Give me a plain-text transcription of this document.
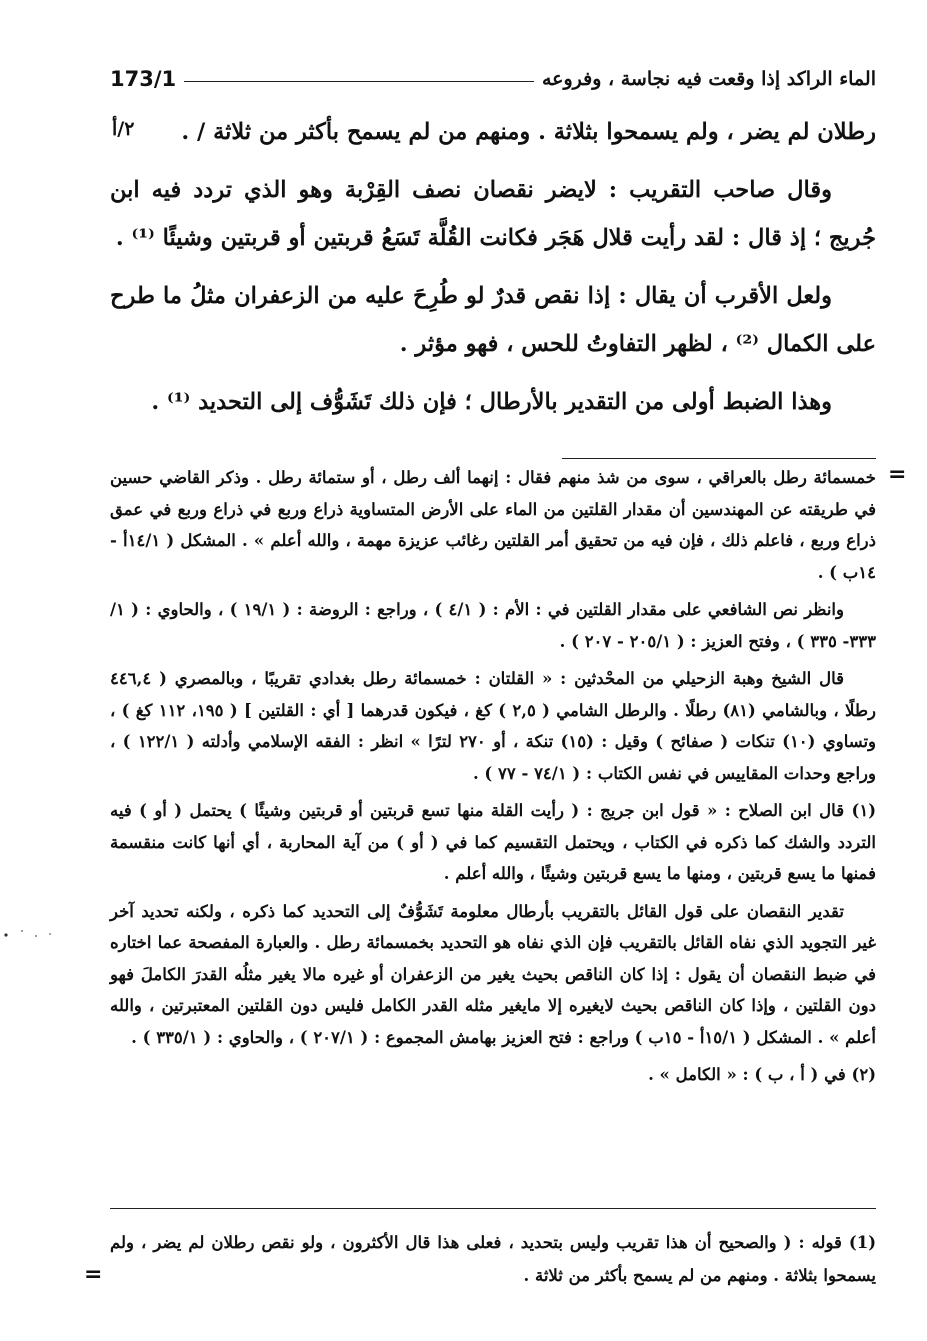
الماء الراكد إذا وقعت فيه نجاسة ، وفروعه
173/1
٢/أ	رطلان لم يضر ، ولم يسمحوا بثلاثة . ومنهم من لم يسمح بأكثر من ثلاثة / .

وقال صاحب التقريب : لايضر نقصان نصف القِرْبة وهو الذي تردد فيه ابن جُريج ؛ إذ قال : لقد رأيت قلال هَجَر فكانت القُلَّة تَسَعُ قربتين أو قربتين وشيئًا ⁽¹⁾ .

ولعل الأقرب أن يقال : إذا نقص قدرٌ لو طُرِحَ عليه من الزعفران مثلُ ما طرح على الكمال ⁽²⁾ ، لظهر التفاوتُ للحس ، فهو مؤثر .

وهذا الضبط أولى من التقدير بالأرطال ؛ فإن ذلك تَشَوُّف إلى التحديد ⁽¹⁾ .

=

خمسمائة رطل بالعراقي ، سوى من شذ منهم فقال : إنهما ألف رطل ، أو ستمائة رطل . وذكر القاضي حسين في طريقته عن المهندسين أن مقدار القلتين من الماء على الأرض المتساوية ذراع وربع في ذراع وربع في عمق ذراع وربع ، فاعلم ذلك ، فإن فيه من تحقيق أمر القلتين رغائب عزيزة مهمة ، والله أعلم » . المشكل ( ١٤/١أ - ١٤ب ) .

وانظر نص الشافعي على مقدار القلتين في : الأم : ( ٤/١ ) ، وراجع : الروضة : ( ١٩/١ ) ، والحاوي : ( ١/ ٣٣٣- ٣٣٥ ) ، وفتح العزيز : ( ٢٠٥/١ - ٢٠٧ ) .

قال الشيخ وهبة الزحيلي من المحْدثين : « القلتان : خمسمائة رطل بغدادي تقريبًا ، وبالمصري ( ٤٤٦,٤ رطلًا ، وبالشامي (٨١) رطلًا . والرطل الشامي ( ٢,٥ ) كغ ، فيكون قدرهما [ أي : القلتين ] ( ١٩٥، ١١٢ كغ ) ، وتساوي (١٠) تنكات ( صفائح ) وقيل : (١٥) تنكة ، أو ٢٧٠ لترًا » انظر : الفقه الإسلامي وأدلته ( ١٢٢/١ ) ، وراجع وحدات المقاييس في نفس الكتاب : ( ٧٤/١ - ٧٧ ) .

(١) قال ابن الصلاح : « قول ابن جريج : ( رأيت القلة منها تسع قربتين أو قربتين وشيئًا ) يحتمل ( أو ) فيه التردد والشك كما ذكره في الكتاب ، ويحتمل التقسيم كما في ( أو ) من آية المحاربة ، أي أنها كانت منقسمة فمنها ما يسع قربتين ، ومنها ما يسع قربتين وشيئًا ، والله أعلم .

تقدير النقصان على قول القائل بالتقريب بأرطال معلومة تَشَوُّفٌ إلى التحديد كما ذكره ، ولكنه تحديد آخر غير التجويد الذي نفاه القائل بالتقريب فإن الذي نفاه هو التحديد بخمسمائة رطل . والعبارة المفصحة عما اختاره في ضبط النقصان أن يقول : إذا كان الناقص بحيث يغير من الزعفران أو غيره مالا يغير مثلُه القدرَ الكاملَ فهو دون القلتين ، وإذا كان الناقص بحيث لايغيره إلا مايغير مثله القدر الكامل فليس دون القلتين المعتبرتين ، والله أعلم » . المشكل ( ١٥/١أ - ١٥ب ) وراجع : فتح العزيز بهامش المجموع : ( ٢٠٧/١ ) ، والحاوي : ( ٣٣٥/١ ) .

(٢) في ( أ ، ب ) : « الكامل » .

(1) قوله : ( والصحيح أن هذا تقريب وليس بتحديد ، فعلى هذا قال الأكثرون ، ولو نقص رطلان لم يضر ، ولم يسمحوا بثلاثة . ومنهم من لم يسمح بأكثر من ثلاثة .

=
